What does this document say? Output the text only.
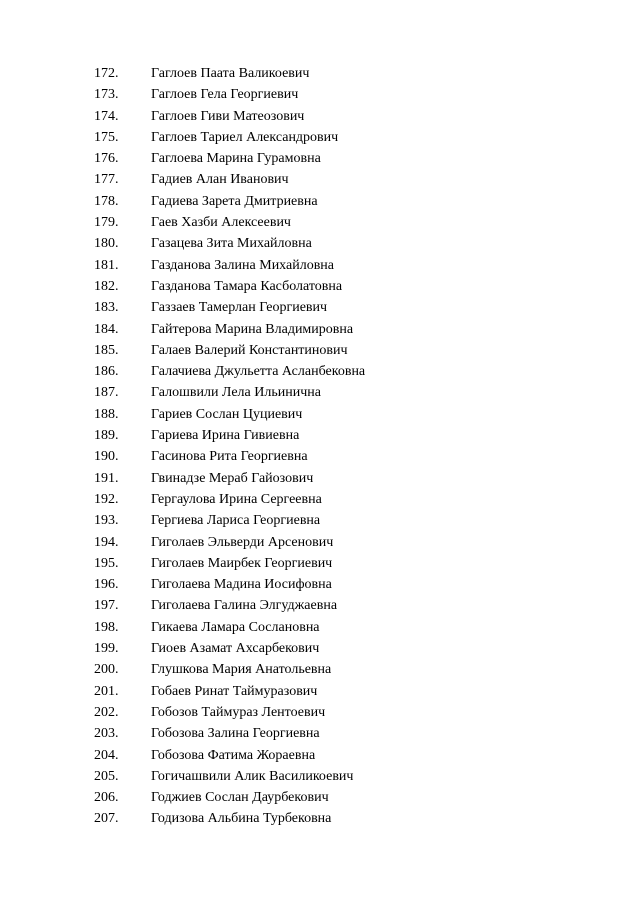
172.	Гаглоев Паата Валикоевич
173.	Гаглоев Гела Георгиевич
174.	Гаглоев Гиви Матеозович
175.	Гаглоев Тариел Александрович
176.	Гаглоева Марина Гурамовна
177.	Гадиев Алан Иванович
178.	Гадиева Зарета Дмитриевна
179.	Гаев Хазби Алексеевич
180.	Газацева Зита Михайловна
181.	Газданова Залина Михайловна
182.	Газданова Тамара Касболатовна
183.	Газзаев Тамерлан Георгиевич
184.	Гайтерова Марина Владимировна
185.	Галаев Валерий Константинович
186.	Галачиева Джульетта Асланбековна
187.	Галошвили Лела Ильинична
188.	Гариев Сослан Цуциевич
189.	Гариева Ирина Гивиевна
190.	Гасинова Рита Георгиевна
191.	Гвинадзе Мераб Гайозович
192.	Гергаулова Ирина Сергеевна
193.	Гергиева Лариса Георгиевна
194.	Гиголаев Эльверди Арсенович
195.	Гиголаев Маирбек Георгиевич
196.	Гиголаева Мадина Иосифовна
197.	Гиголаева Галина Элгуджаевна
198.	Гикаева Ламара Сослановна
199.	Гиоев Азамат Ахсарбекович
200.	Глушкова Мария Анатольевна
201.	Гобаев Ринат Таймуразович
202.	Гобозов Таймураз Лентоевич
203.	Гобозова Залина Георгиевна
204.	Гобозова Фатима Жораевна
205.	Гогичашвили Алик Василикоевич
206.	Годжиев Сослан Даурбекович
207.	Годизова Альбина Турбековна
